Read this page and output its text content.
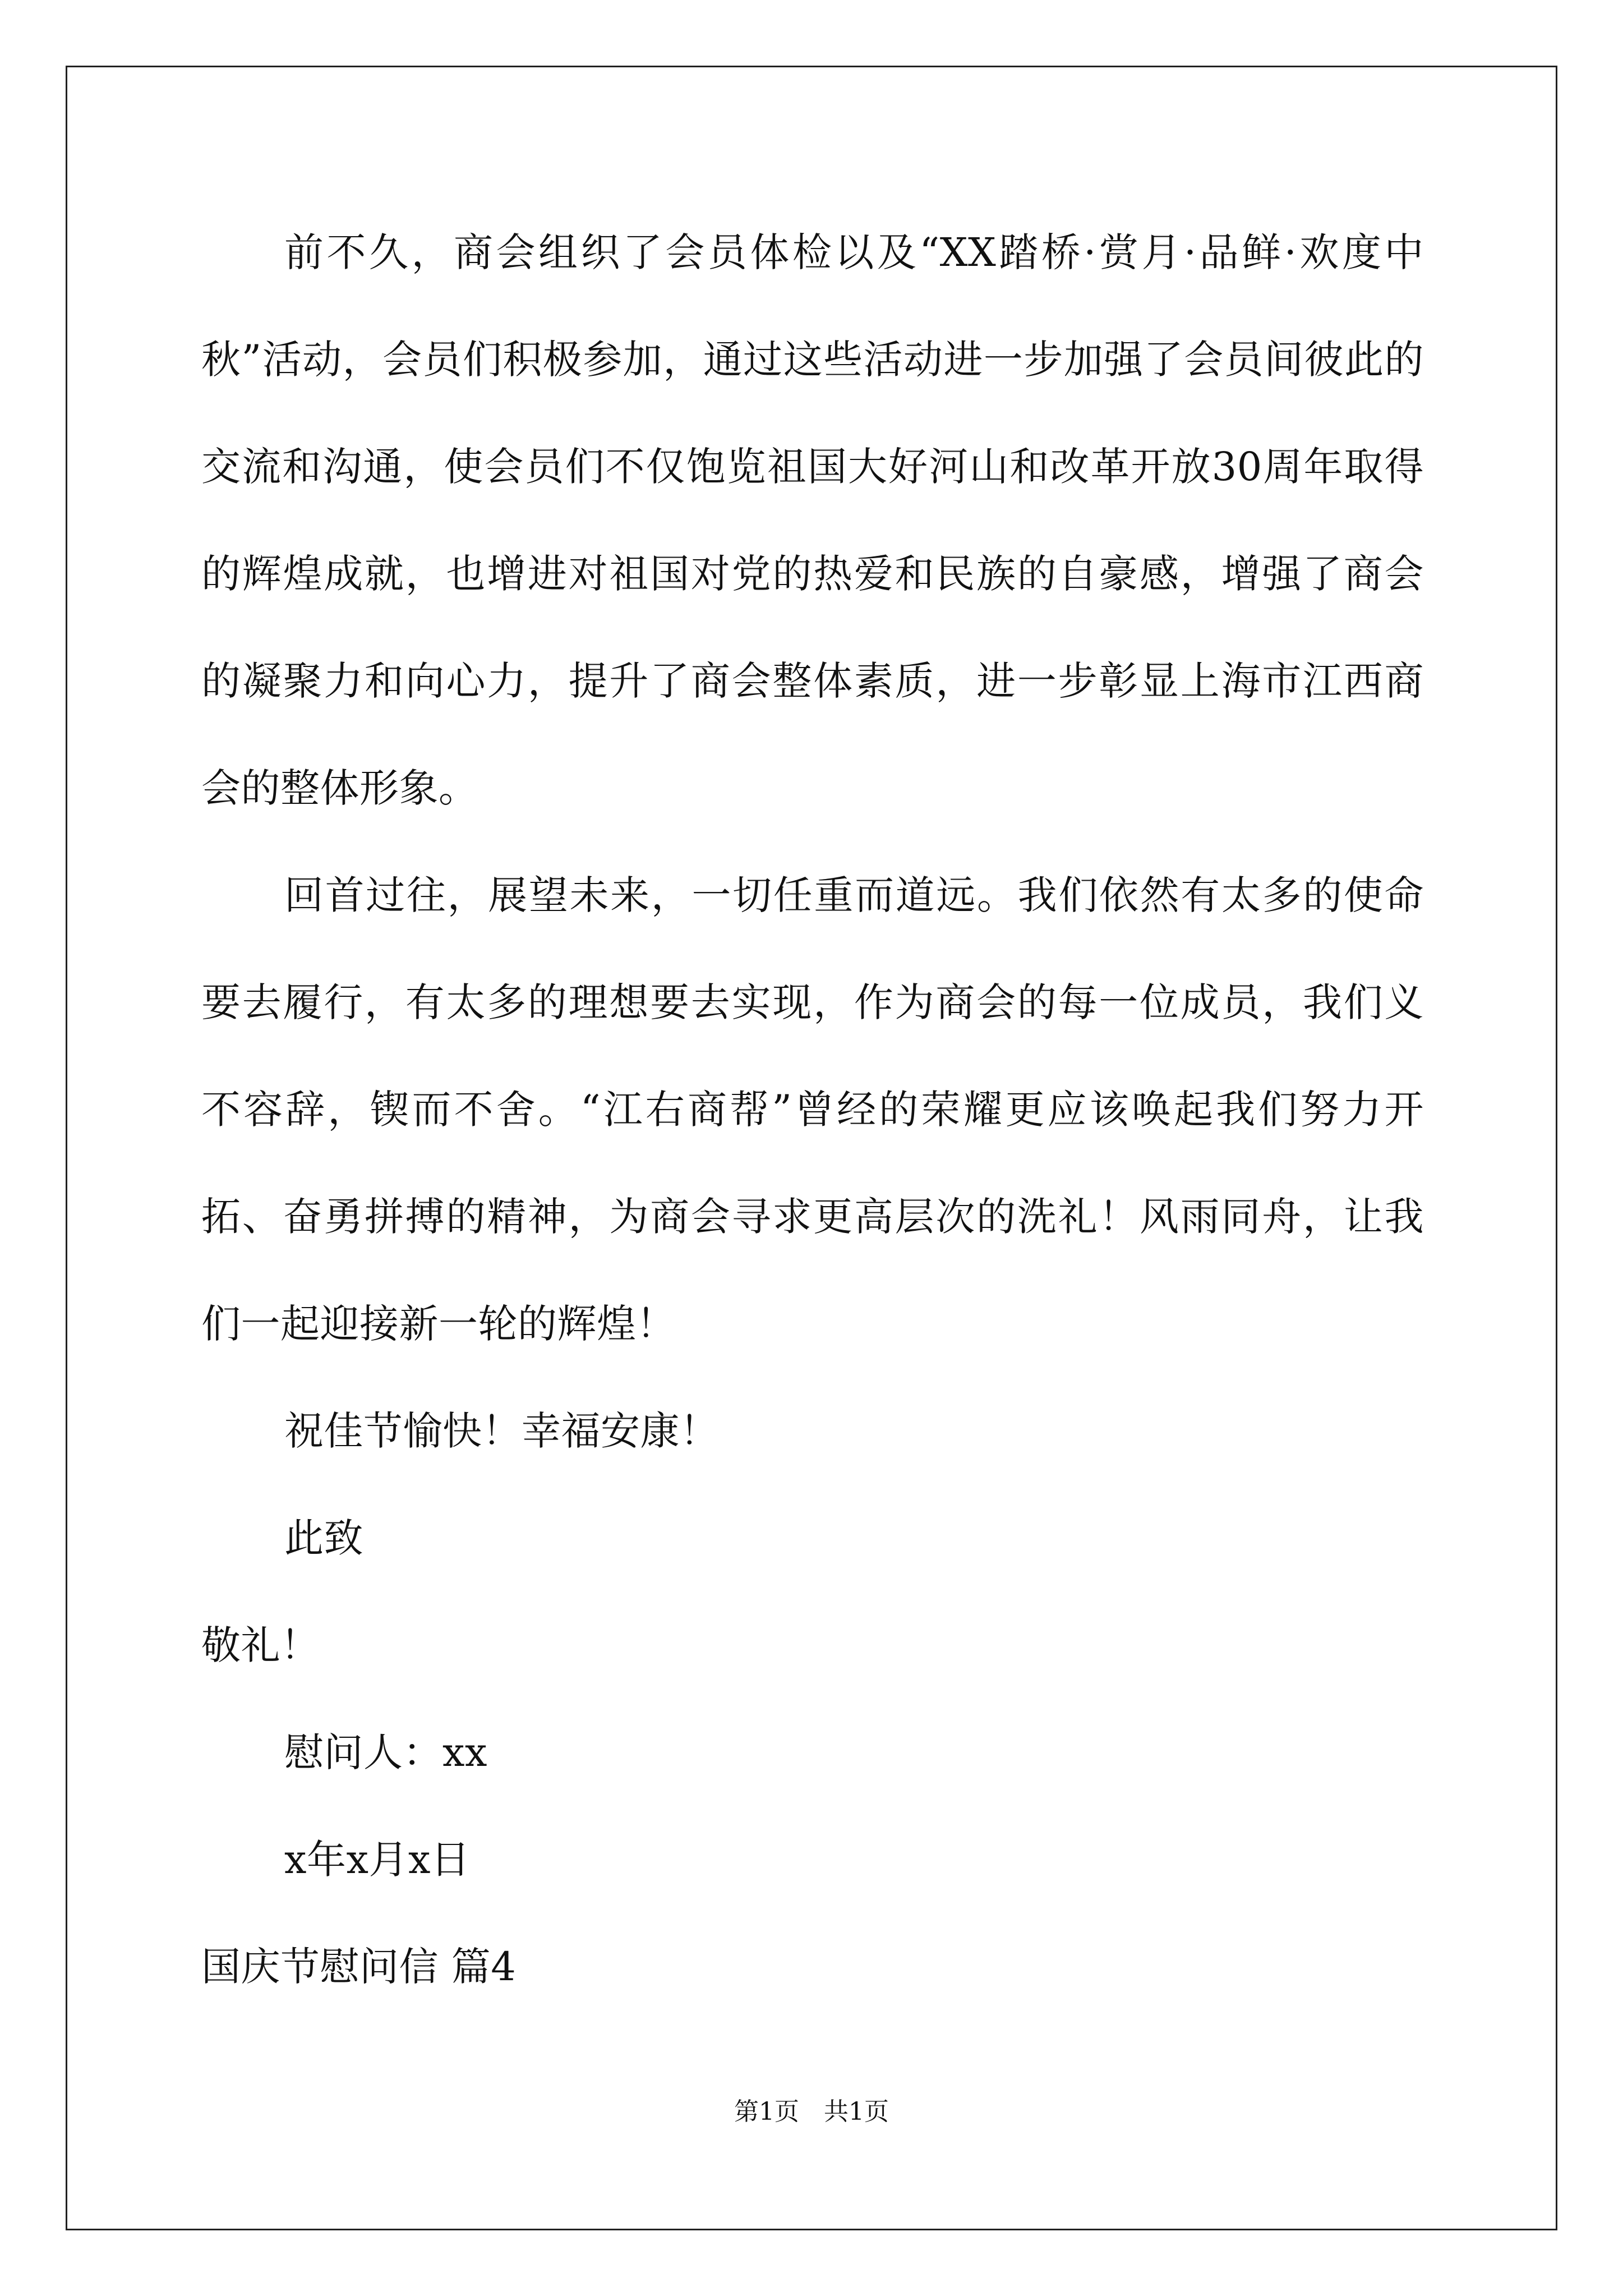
前不久，商会组织了会员体检以及“XX踏桥·赏月·品鲜·欢度中秋”活动，会员们积极参加，通过这些活动进一步加强了会员间彼此的交流和沟通，使会员们不仅饱览祖国大好河山和改革开放30周年取得的辉煌成就，也增进对祖国对党的热爱和民族的自豪感，增强了商会的凝聚力和向心力，提升了商会整体素质，进一步彰显上海市江西商会的整体形象。

回首过往，展望未来，一切任重而道远。我们依然有太多的使命要去履行，有太多的理想要去实现，作为商会的每一位成员，我们义不容辞，锲而不舍。“江右商帮”曾经的荣耀更应该唤起我们努力开拓、奋勇拼搏的精神，为商会寻求更高层次的洗礼！风雨同舟，让我们一起迎接新一轮的辉煌！

祝佳节愉快！幸福安康！

此致

敬礼！

慰问人：xx

x年x月x日

国庆节慰问信 篇4

第1页　共1页
